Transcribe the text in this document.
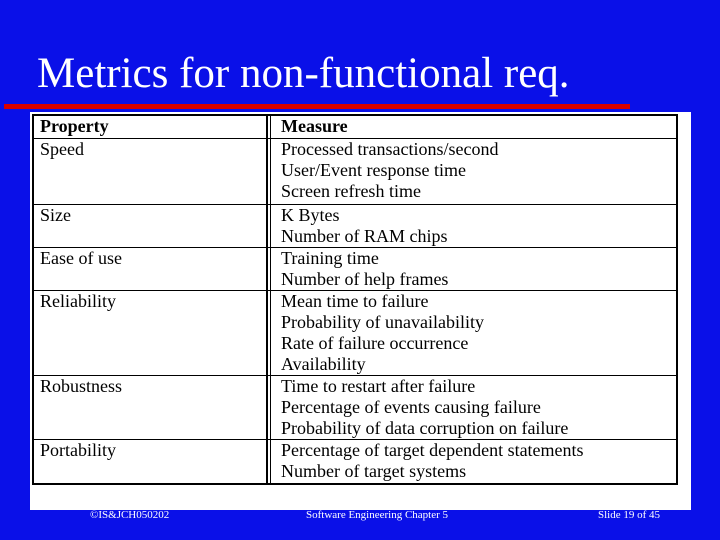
Metrics for non-functional req.
Property	Measure
Speed	Processed transactions/second
User/Event response time
Screen refresh time
Size	K Bytes
Number of RAM chips
Ease of use	Training time
Number of help frames
Reliability	Mean time to failure
Probability of unavailability
Rate of failure occurrence
Availability
Robustness	Time to restart after failure
Percentage of events causing failure
Probability of data corruption on failure
Portability	Percentage of target dependent statements
Number of target systems
©IS&JCH050202	Software Engineering Chapter 5	Slide 19 of 45
